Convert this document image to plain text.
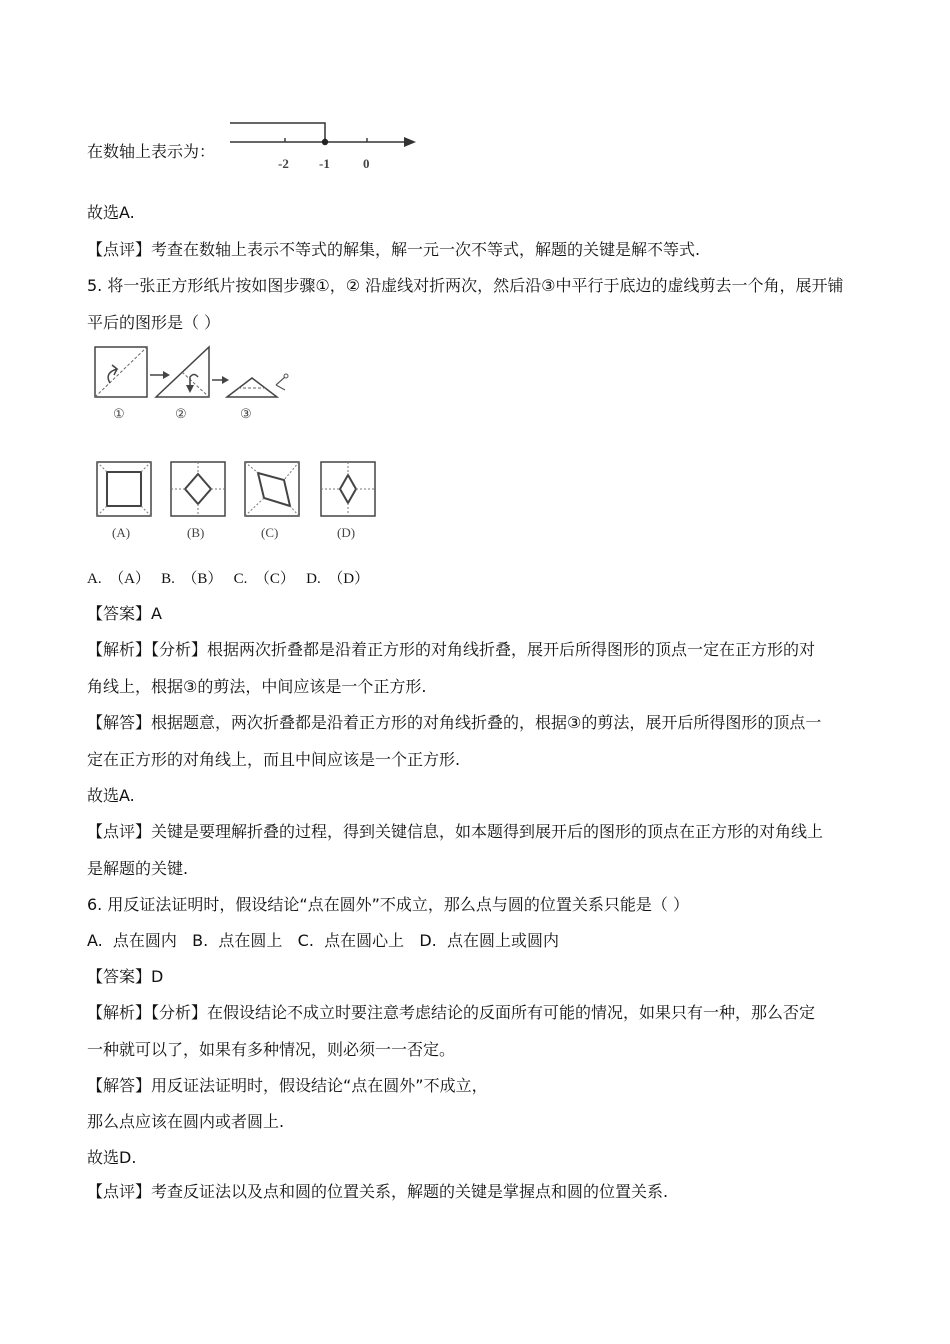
在数轴上表示为：
-2 -1	0
故选A.
【点评】考查在数轴上表示不等式的解集，解一元一次不等式，解题的关键是解不等式.
5. 将一张正方形纸片按如图步骤①，② 沿虚线对折两次，然后沿③中平行于底边的虚线剪去一个角，展开铺
平后的图形是（ ）
①	②	③
(A)	(B)	(C)	(D)
A.  （A）   B.  （B）   C.  （C）   D.  （D）
【答案】A
【解析】【分析】根据两次折叠都是沿着正方形的对角线折叠，展开后所得图形的顶点一定在正方形的对
角线上，根据③的剪法，中间应该是一个正方形.
【解答】根据题意，两次折叠都是沿着正方形的对角线折叠的，根据③的剪法，展开后所得图形的顶点一
定在正方形的对角线上，而且中间应该是一个正方形.
故选A.
【点评】关键是要理解折叠的过程，得到关键信息，如本题得到展开后的图形的顶点在正方形的对角线上
是解题的关键.
6. 用反证法证明时，假设结论“点在圆外”不成立，那么点与圆的位置关系只能是（ ）
A.  点在圆内   B.  点在圆上   C.  点在圆心上   D.  点在圆上或圆内
【答案】D
【解析】【分析】在假设结论不成立时要注意考虑结论的反面所有可能的情况，如果只有一种，那么否定
一种就可以了，如果有多种情况，则必须一一否定。
【解答】用反证法证明时，假设结论“点在圆外”不成立，
那么点应该在圆内或者圆上.
故选D.
【点评】考查反证法以及点和圆的位置关系，解题的关键是掌握点和圆的位置关系.
